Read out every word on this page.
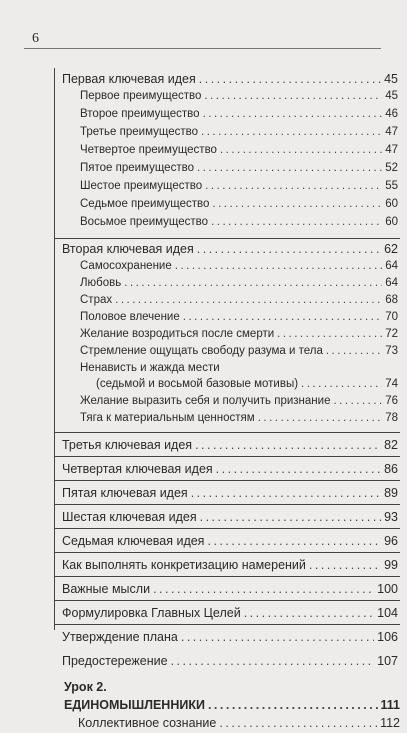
6
Первая ключевая идея .....	45
Первое преимущество .....	45
Второе преимущество .....	46
Третье преимущество .....	47
Четвертое преимущество .....	47
Пятое преимущество .....	52
Шестое преимущество .....	55
Седьмое преимущество .....	60
Восьмое преимущество .....	60
Вторая ключевая идея .....	62
Самосохранение .....	64
Любовь .....	64
Страх .....	68
Половое влечение .....	70
Желание возродиться после смерти .....	72
Стремление ощущать свободу разума и тела .....	73
Ненависть и жажда мести
(седьмой и восьмой базовые мотивы) .....	74
Желание выразить себя и получить признание .....	76
Тяга к материальным ценностям .....	78
Третья ключевая идея .....	82
Четвертая ключевая идея .....	86
Пятая ключевая идея .....	89
Шестая ключевая идея .....	93
Седьмая ключевая идея .....	96
Как выполнять конкретизацию намерений .....	99
Важные мысли .....	100
Формулировка Главных Целей .....	104
Утверждение плана .....	106
Предостережение .....	107
Урок 2.
ЕДИНОМЫШЛЕННИКИ .....	111
Коллективное сознание .....	112
